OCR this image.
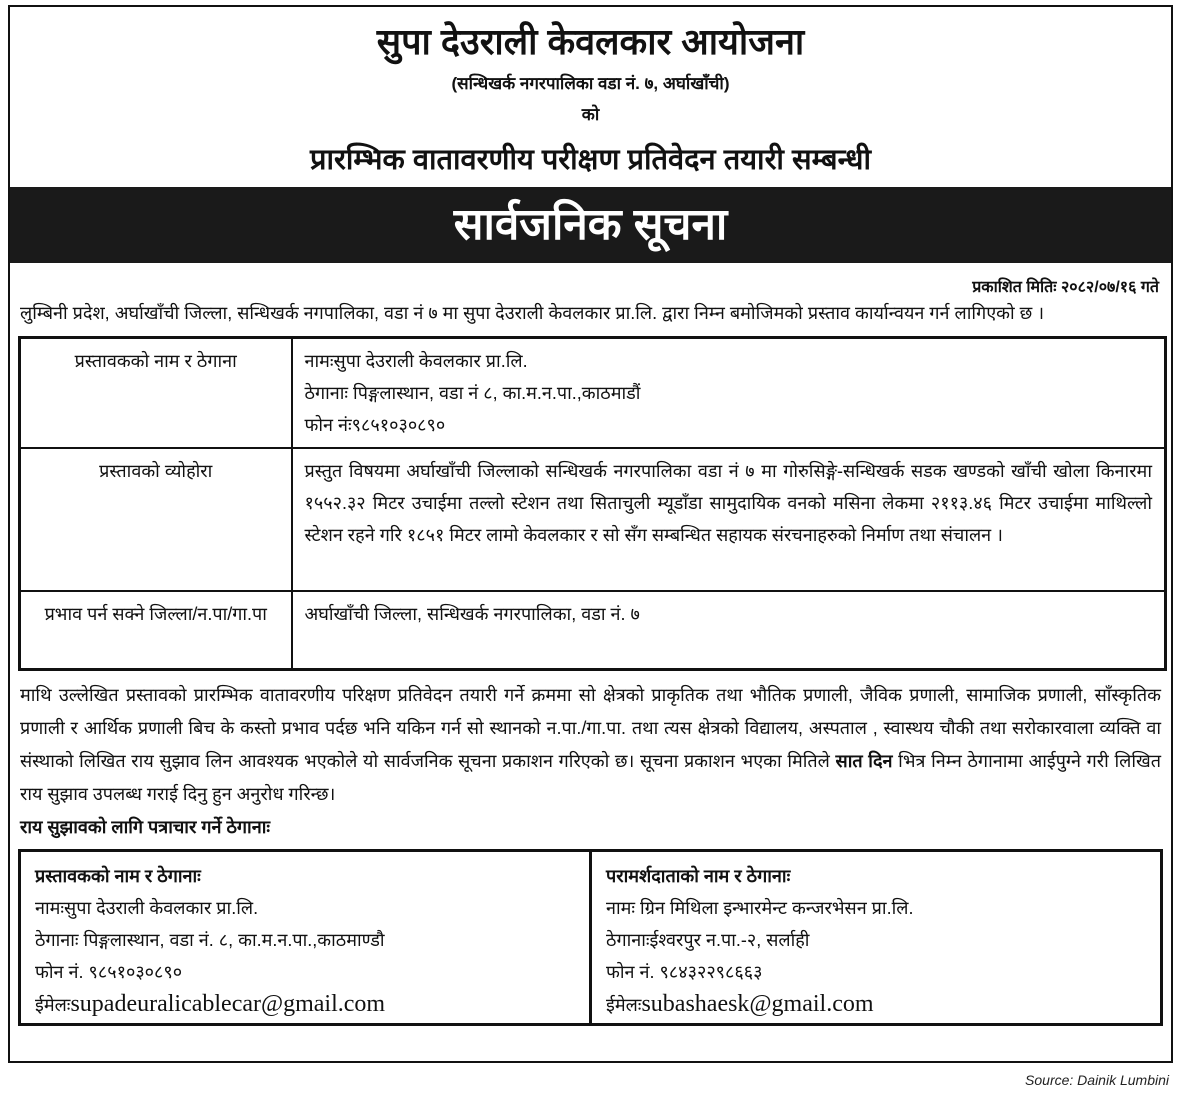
सुपा देउराली केवलकार आयोजना
(सन्धिखर्क नगरपालिका वडा नं. ७, अर्घाखाँची)
को
प्रारम्भिक वातावरणीय परीक्षण प्रतिवेदन तयारी सम्बन्धी
सार्वजनिक सूचना
प्रकाशित मितिः २०८२/०७/१६ गते
लुम्बिनी प्रदेश, अर्घाखाँची जिल्ला, सन्धिखर्क नगपालिका, वडा नं ७ मा सुपा देउराली केवलकार प्रा.लि. द्वारा निम्न बमोजिमको प्रस्ताव कार्यान्वयन गर्न लागिएको छ ।
प्रस्तावकको नाम र ठेगाना	नामःसुपा देउराली केवलकार प्रा.लि.
ठेगानाः पिङ्गलास्थान, वडा नं ८, का.म.न.पा.,काठमाडौं
फोन नंः९८५१०३०८९०

प्रस्तावको व्योहोरा	प्रस्तुत विषयमा अर्घाखाँची जिल्लाको सन्धिखर्क नगरपालिका वडा नं ७ मा गोरुसिङ्गे-सन्धिखर्क सडक खण्डको खाँची खोला किनारमा १५५२.३२ मिटर उचाईमा तल्लो स्टेशन तथा सिताचुली म्यूडाँडा सामुदायिक वनको मसिना लेकमा २११३.४६ मिटर उचाईमा माथिल्लो स्टेशन रहने गरि १८५१ मिटर लामो केवलकार र सो सँग सम्बन्धित सहायक संरचनाहरुको निर्माण तथा संचालन ।
प्रभाव पर्न सक्ने जिल्ला/न.पा/गा.पा	अर्घाखाँची जिल्ला, सन्धिखर्क नगरपालिका, वडा नं. ७
माथि उल्लेखित प्रस्तावको प्रारम्भिक वातावरणीय परिक्षण प्रतिवेदन तयारी गर्ने क्रममा सो क्षेत्रको प्राकृतिक तथा भौतिक प्रणाली, जैविक प्रणाली, सामाजिक प्रणाली, साँस्कृतिक प्रणाली र आर्थिक प्रणाली बिच के कस्तो प्रभाव पर्दछ भनि यकिन गर्न सो स्थानको न.पा./गा.पा. तथा त्यस क्षेत्रको विद्यालय, अस्पताल , स्वास्थय चौकी तथा सरोकारवाला व्यक्ति वा संस्थाको लिखित राय सुझाव लिन आवश्यक भएकोले यो सार्वजनिक सूचना प्रकाशन गरिएको छ। सूचना प्रकाशन भएका मितिले सात दिन भित्र निम्न ठेगानामा आईपुग्ने गरी लिखित राय सुझाव उपलब्ध गराई दिनु हुन अनुरोध गरिन्छ।
राय सुझावको लागि पत्राचार गर्ने ठेगानाः
प्रस्तावकको नाम र ठेगानाः
नामःसुपा देउराली केवलकार प्रा.लि.
ठेगानाः पिङ्गलास्थान, वडा नं. ८, का.म.न.पा.,काठमाण्डौ
फोन नं. ९८५१०३०८९०
ईमेलःsupadeuralicablecar@gmail.com
परामर्शदाताको नाम र ठेगानाः
नामः ग्रिन मिथिला इन्भारमेन्ट कन्जरभेसन प्रा.लि.
ठेगानाःईश्वरपुर न.पा.-२, सर्लाही
फोन नं. ९८४३२२९८६६३
ईमेलःsubashaesk@gmail.com
Source: Dainik Lumbini
